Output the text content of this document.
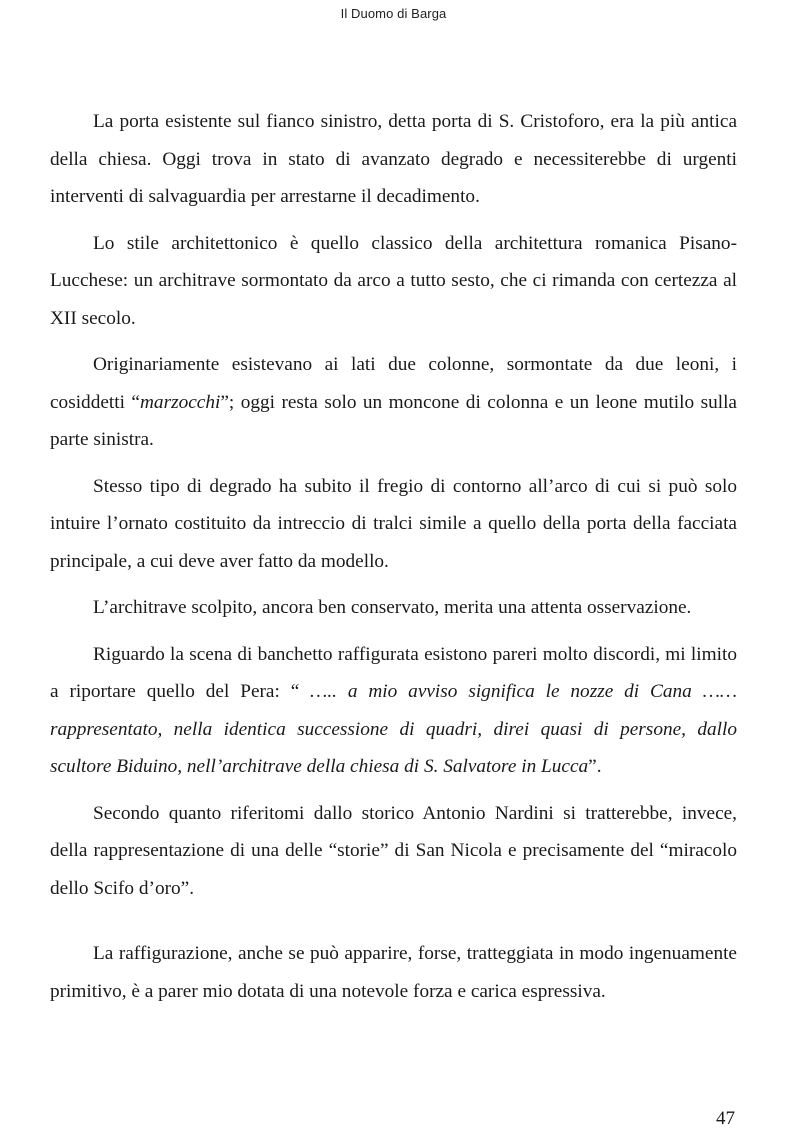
Il Duomo di Barga

La porta esistente sul fianco sinistro, detta porta di S. Cristoforo, era la più antica della chiesa. Oggi trova in stato di avanzato degrado e necessiterebbe di urgenti interventi di salvaguardia per arrestarne il decadimento.

Lo stile architettonico è quello classico della architettura romanica Pisano-Lucchese: un architrave sormontato da arco a tutto sesto, che ci rimanda con certezza al XII secolo.

Originariamente esistevano ai lati due colonne, sormontate da due leoni, i cosiddetti “marzocchi”; oggi resta solo un moncone di colonna e un leone mutilo sulla parte sinistra.

Stesso tipo di degrado ha subito il fregio di contorno all’arco di cui si può solo intuire l’ornato costituito da intreccio di tralci simile a quello della porta della facciata principale, a cui deve aver fatto da modello.

L’architrave scolpito, ancora ben conservato, merita una attenta osservazione.

Riguardo la scena di banchetto raffigurata esistono pareri molto discordi, mi limito a riportare quello del Pera: “ ….. a mio avviso significa le nozze di Cana …… rappresentato, nella identica successione di quadri, direi quasi di persone, dallo scultore Biduino, nell’architrave della chiesa di S. Salvatore in Lucca”.

Secondo quanto riferitomi dallo storico Antonio Nardini si tratterebbe, invece, della rappresentazione di una delle “storie” di San Nicola e precisamente del “miracolo dello Scifo d’oro”.

La raffigurazione, anche se può apparire, forse, tratteggiata in modo ingenuamente primitivo, è a parer mio dotata di una notevole forza e carica espressiva.

47
